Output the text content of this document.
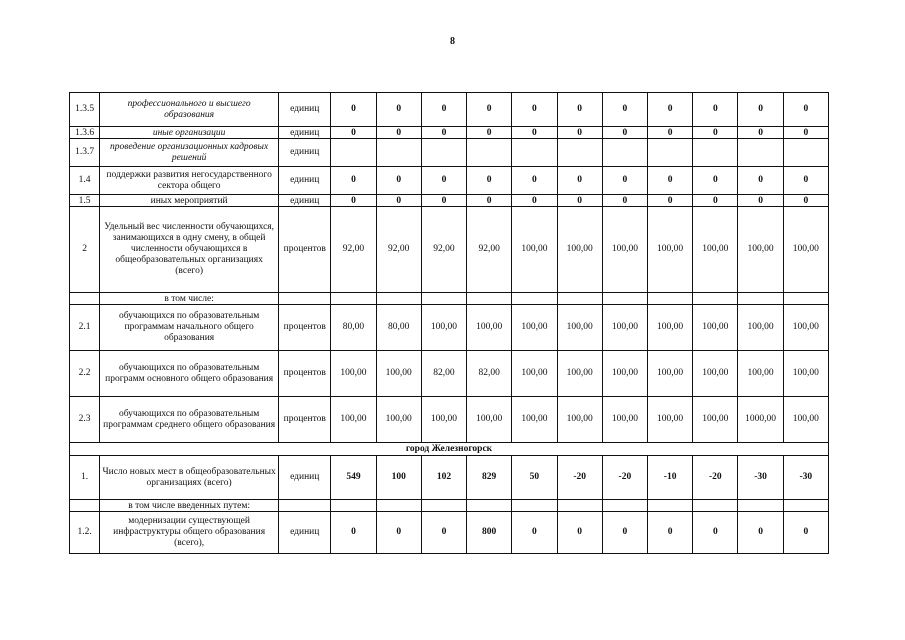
8
1.3.5	профессионального и высшего образования	единиц	0	0	0	0	0	0	0	0	0	0	0
1.3.6	иные организации	единиц	0	0	0	0	0	0	0	0	0	0	0
1.3.7	проведение организационных кадровых решений	единиц											
1.4	поддержки развития негосударственного сектора общего	единиц	0	0	0	0	0	0	0	0	0	0	0
1.5	иных мероприятий	единиц	0	0	0	0	0	0	0	0	0	0	0
2	Удельный вес численности обучающихся, занимающихся в одну смену, в общей численности обучающихся в общеобразовательных организациях (всего)	процентов	92,00	92,00	92,00	92,00	100,00	100,00	100,00	100,00	100,00	100,00	100,00
	в том числе:												
2.1	обучающихся по образовательным программам начального общего образования	процентов	80,00	80,00	100,00	100,00	100,00	100,00	100,00	100,00	100,00	100,00	100,00
2.2	обучающихся по образовательным программ основного общего образования	процентов	100,00	100,00	82,00	82,00	100,00	100,00	100,00	100,00	100,00	100,00	100,00
2.3	обучающихся по образовательным программам среднего общего образования	процентов	100,00	100,00	100,00	100,00	100,00	100,00	100,00	100,00	100,00	1000,00	100,00
город Железногорск													
1.	Число новых мест в общеобразовательных организациях (всего)	единиц	549	100	102	829	50	-20	-20	-10	-20	-30	-30
	в том числе введенных путем:												
1.2.	модернизации существующей инфраструктуры общего образования (всего),	единиц	0	0	0	800	0	0	0	0	0	0	0
